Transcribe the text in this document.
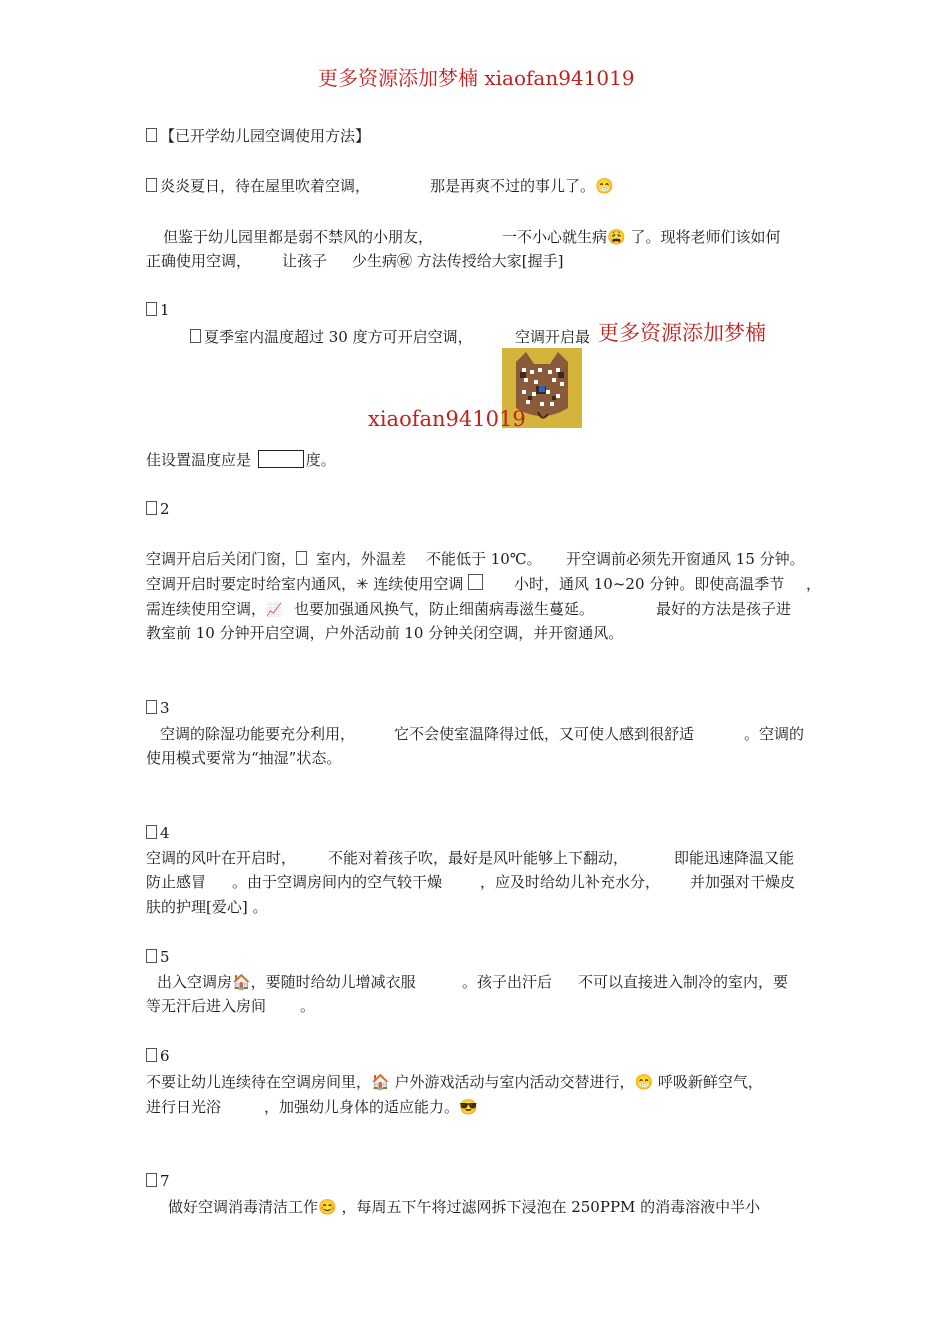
更多资源添加梦楠 xiaofan941019
【已开学幼儿园空调使用方法】
炎炎夏日，待在屋里吹着空调，	那是再爽不过的事儿了。😁
但鉴于幼儿园里都是弱不禁风的小朋友，	一不小心就生病😩 了。现将老师们该如何
正确使用空调， 让孩子 少生病㊗ 方法传授给大家[握手]
1
夏季室内温度超过 30 度方可开启空调，	空调开启最 更多资源添加梦楠
xiaofan941019
佳设置温度应是	度。
2
空调开启后关闭门窗，	室内，外温差 不能低于 10℃。 开空调前必须先开窗通风 15 分钟。
空调开启时要定时给室内通风，✳ 连续使用空调	小时，通风 10~20 分钟。即使高温季节 ，
需连续使用空调，📈 也要加强通风换气，防止细菌病毒滋生蔓延。	最好的方法是孩子进
教室前 10 分钟开启空调，户外活动前 10 分钟关闭空调，并开窗通风。
3
空调的除湿功能要充分利用，	它不会使室温降得过低，又可使人感到很舒适	。空调的
使用模式要常为“抽湿”状态。
4
空调的风叶在开启时， 不能对着孩子吹，最好是风叶能够上下翻动，	即能迅速降温又能
防止感冒 。由于空调房间内的空气较干燥	，应及时给幼儿补充水分， 并加强对干燥皮
肤的护理[爱心] 。
5
出入空调房🏠，要随时给幼儿增减衣服	。孩子出汗后 不可以直接进入制冷的室内，要
等无汗后进入房间 。
6
不要让幼儿连续待在空调房间里，🏠 户外游戏活动与室内活动交替进行，😁 呼吸新鲜空气，
进行日光浴	，加强幼儿身体的适应能力。😎
7
做好空调消毒清洁工作😊 ，每周五下午将过滤网拆下浸泡在 250PPM 的消毒溶液中半小
